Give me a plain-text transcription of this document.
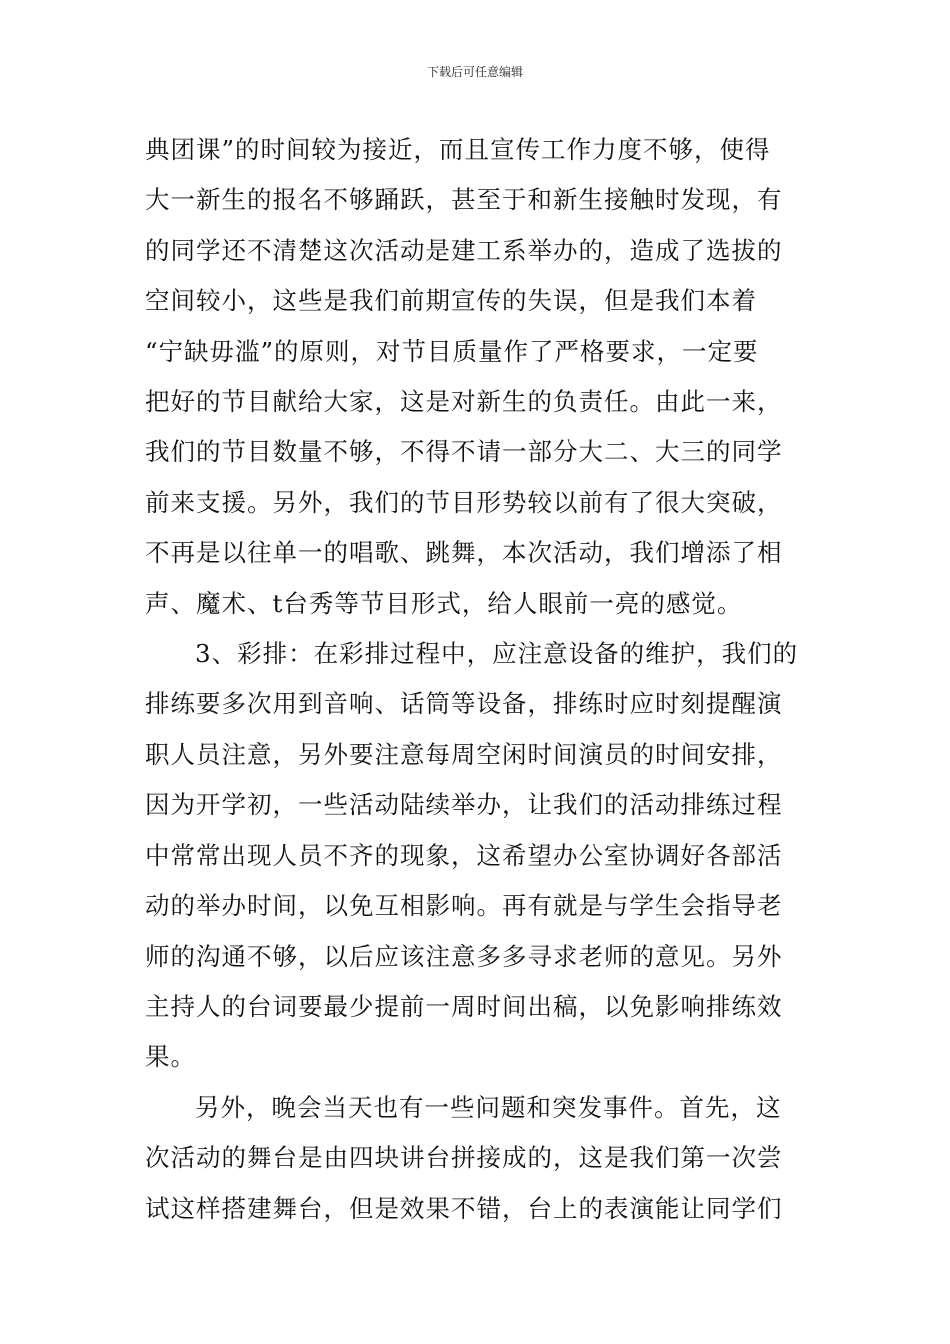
下载后可任意编辑

典团课”的时间较为接近，而且宣传工作力度不够，使得
大一新生的报名不够踊跃，甚至于和新生接触时发现，有
的同学还不清楚这次活动是建工系举办的，造成了选拔的
空间较小，这些是我们前期宣传的失误，但是我们本着
“宁缺毋滥”的原则，对节目质量作了严格要求，一定要
把好的节目献给大家，这是对新生的负责任。由此一来，
我们的节目数量不够，不得不请一部分大二、大三的同学
前来支援。另外，我们的节目形势较以前有了很大突破，
不再是以往单一的唱歌、跳舞，本次活动，我们增添了相
声、魔术、t台秀等节目形式，给人眼前一亮的感觉。

3、彩排：在彩排过程中，应注意设备的维护，我们的
排练要多次用到音响、话筒等设备，排练时应时刻提醒演
职人员注意，另外要注意每周空闲时间演员的时间安排，
因为开学初，一些活动陆续举办，让我们的活动排练过程
中常常出现人员不齐的现象，这希望办公室协调好各部活
动的举办时间，以免互相影响。再有就是与学生会指导老
师的沟通不够，以后应该注意多多寻求老师的意见。另外
主持人的台词要最少提前一周时间出稿，以免影响排练效
果。

另外，晚会当天也有一些问题和突发事件。首先，这
次活动的舞台是由四块讲台拼接成的，这是我们第一次尝
试这样搭建舞台，但是效果不错，台上的表演能让同学们
